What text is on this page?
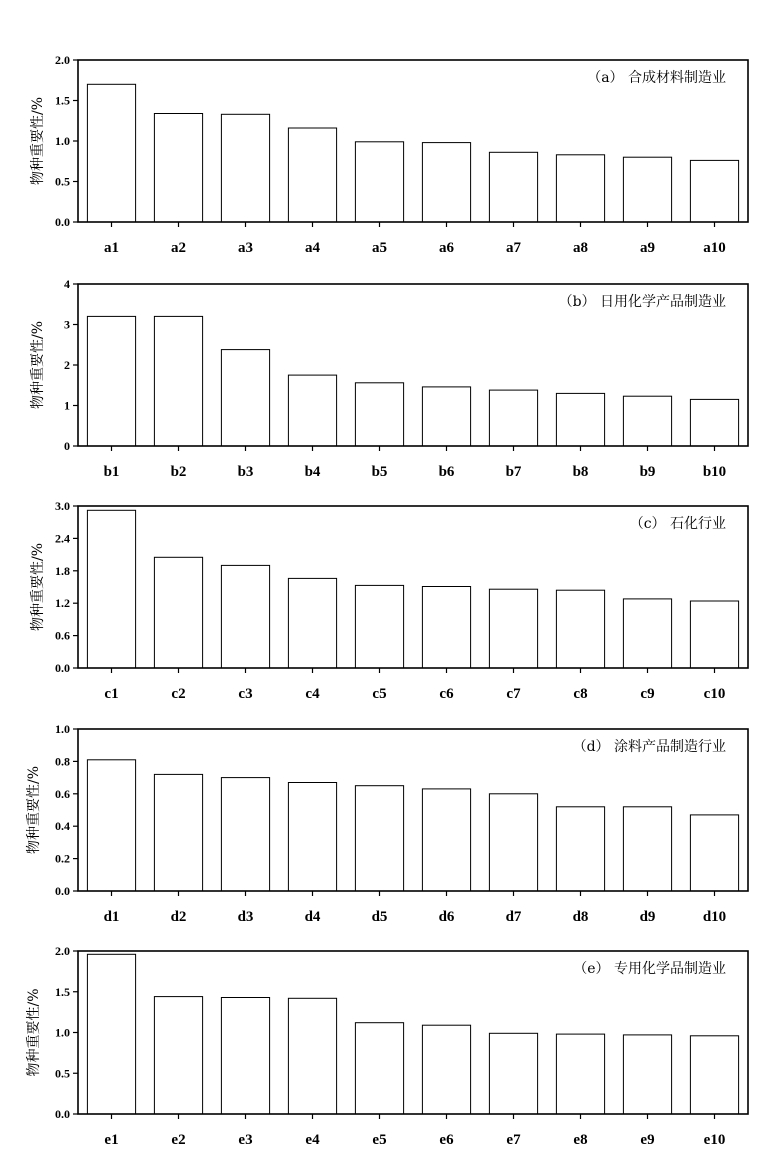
0.0
0.5
1.0
1.5
2.0
a1	a2	a3	a4	a5	a6	a7	a8	a9	a10
物种重要性/%
（a） 合成材料制造业
0
1
2
3
4
b1	b2	b3	b4	b5	b6	b7	b8	b9	b10
物种重要性/%
（b） 日用化学产品制造业
0.0
0.6
1.2
1.8
2.4
3.0
c1	c2	c3	c4	c5	c6	c7	c8	c9	c10
物种重要性/%
（c） 石化行业
0.0
0.2
0.4
0.6
0.8
1.0
d1	d2	d3	d4	d5	d6	d7	d8	d9	d10
物种重要性/%
（d） 涂料产品制造行业
0.0
0.5
1.0
1.5
2.0
e1	e2	e3	e4	e5	e6	e7	e8	e9	e10
物种重要性/%
（e） 专用化学品制造业
